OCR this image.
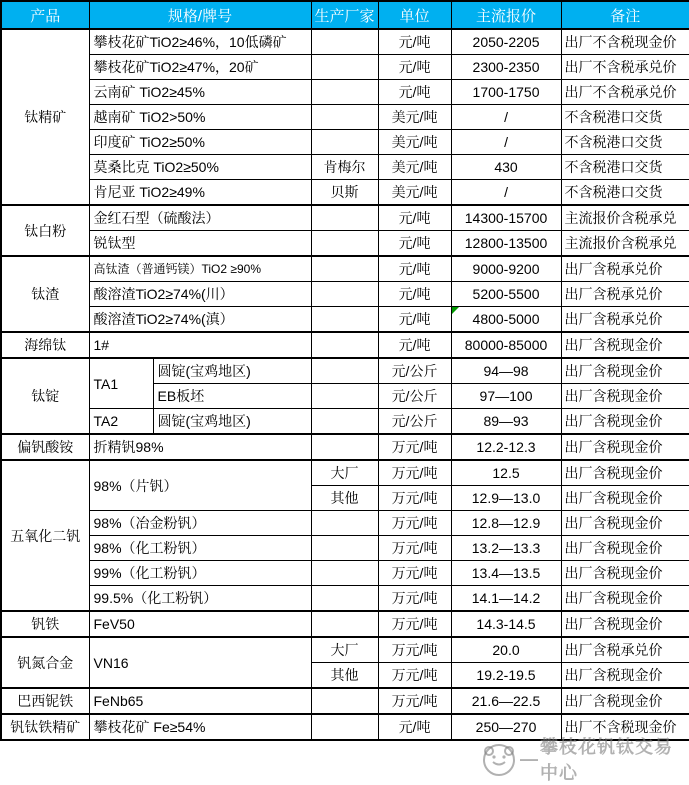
产品	规格/牌号		生产厂家	单位	主流报价	备注
钛精矿	攀枝花矿TiO2≥46%，10低磷矿			元/吨	2050-2205	出厂不含税现金价
	攀枝花矿TiO2≥47%，20矿			元/吨	2300-2350	出厂不含税承兑价
	云南矿 TiO2≥45%			元/吨	1700-1750	出厂不含税承兑价
	越南矿 TiO2>50%			美元/吨	/	不含税港口交货
	印度矿 TiO2≥50%			美元/吨	/	不含税港口交货
	莫桑比克 TiO2≥50%		肯梅尔	美元/吨	430	不含税港口交货
	肯尼亚 TiO2≥49%		贝斯	美元/吨	/	不含税港口交货
钛白粉	金红石型（硫酸法）			元/吨	14300-15700	主流报价含税承兑
	锐钛型			元/吨	12800-13500	主流报价含税承兑
钛渣	高钛渣（普通钙镁）TiO2 ≥90%			元/吨	9000-9200	出厂含税承兑价
	酸溶渣TiO2≥74%(川）			元/吨	5200-5500	出厂含税承兑价
	酸溶渣TiO2≥74%(滇）			元/吨	4800-5000	出厂含税承兑价
海绵钛	1#			元/吨	80000-85000	出厂含税现金价
钛锭	TA1	圆锭(宝鸡地区)		元/公斤	94—98	出厂含税现金价
		EB板坯		元/公斤	97—100	出厂含税现金价
	TA2	圆锭(宝鸡地区)		元/公斤	89—93	出厂含税现金价
偏钒酸铵	折精钒98%			万元/吨	12.2-12.3	出厂含税现金价
五氧化二钒	98%（片钒）		大厂	万元/吨	12.5	出厂含税现金价
			其他	万元/吨	12.9—13.0	出厂含税现金价
	98%（冶金粉钒）			万元/吨	12.8—12.9	出厂含税现金价
	98%（化工粉钒）			万元/吨	13.2—13.3	出厂含税现金价
	99%（化工粉钒）			万元/吨	13.4—13.5	出厂含税现金价
	99.5%（化工粉钒）			万元/吨	14.1—14.2	出厂含税现金价
钒铁	FeV50			万元/吨	14.3-14.5	出厂含税现金价
钒氮合金	VN16		大厂	万元/吨	20.0	出厂含税承兑价
			其他	万元/吨	19.2-19.5	出厂含税现金价
巴西铌铁	FeNb65			万元/吨	21.6—22.5	出厂含税现金价
钒钛铁精矿	攀枝花矿 Fe≥54%			元/吨	250—270	出厂不含税现金价
—
攀枝花钒钛交易中心
